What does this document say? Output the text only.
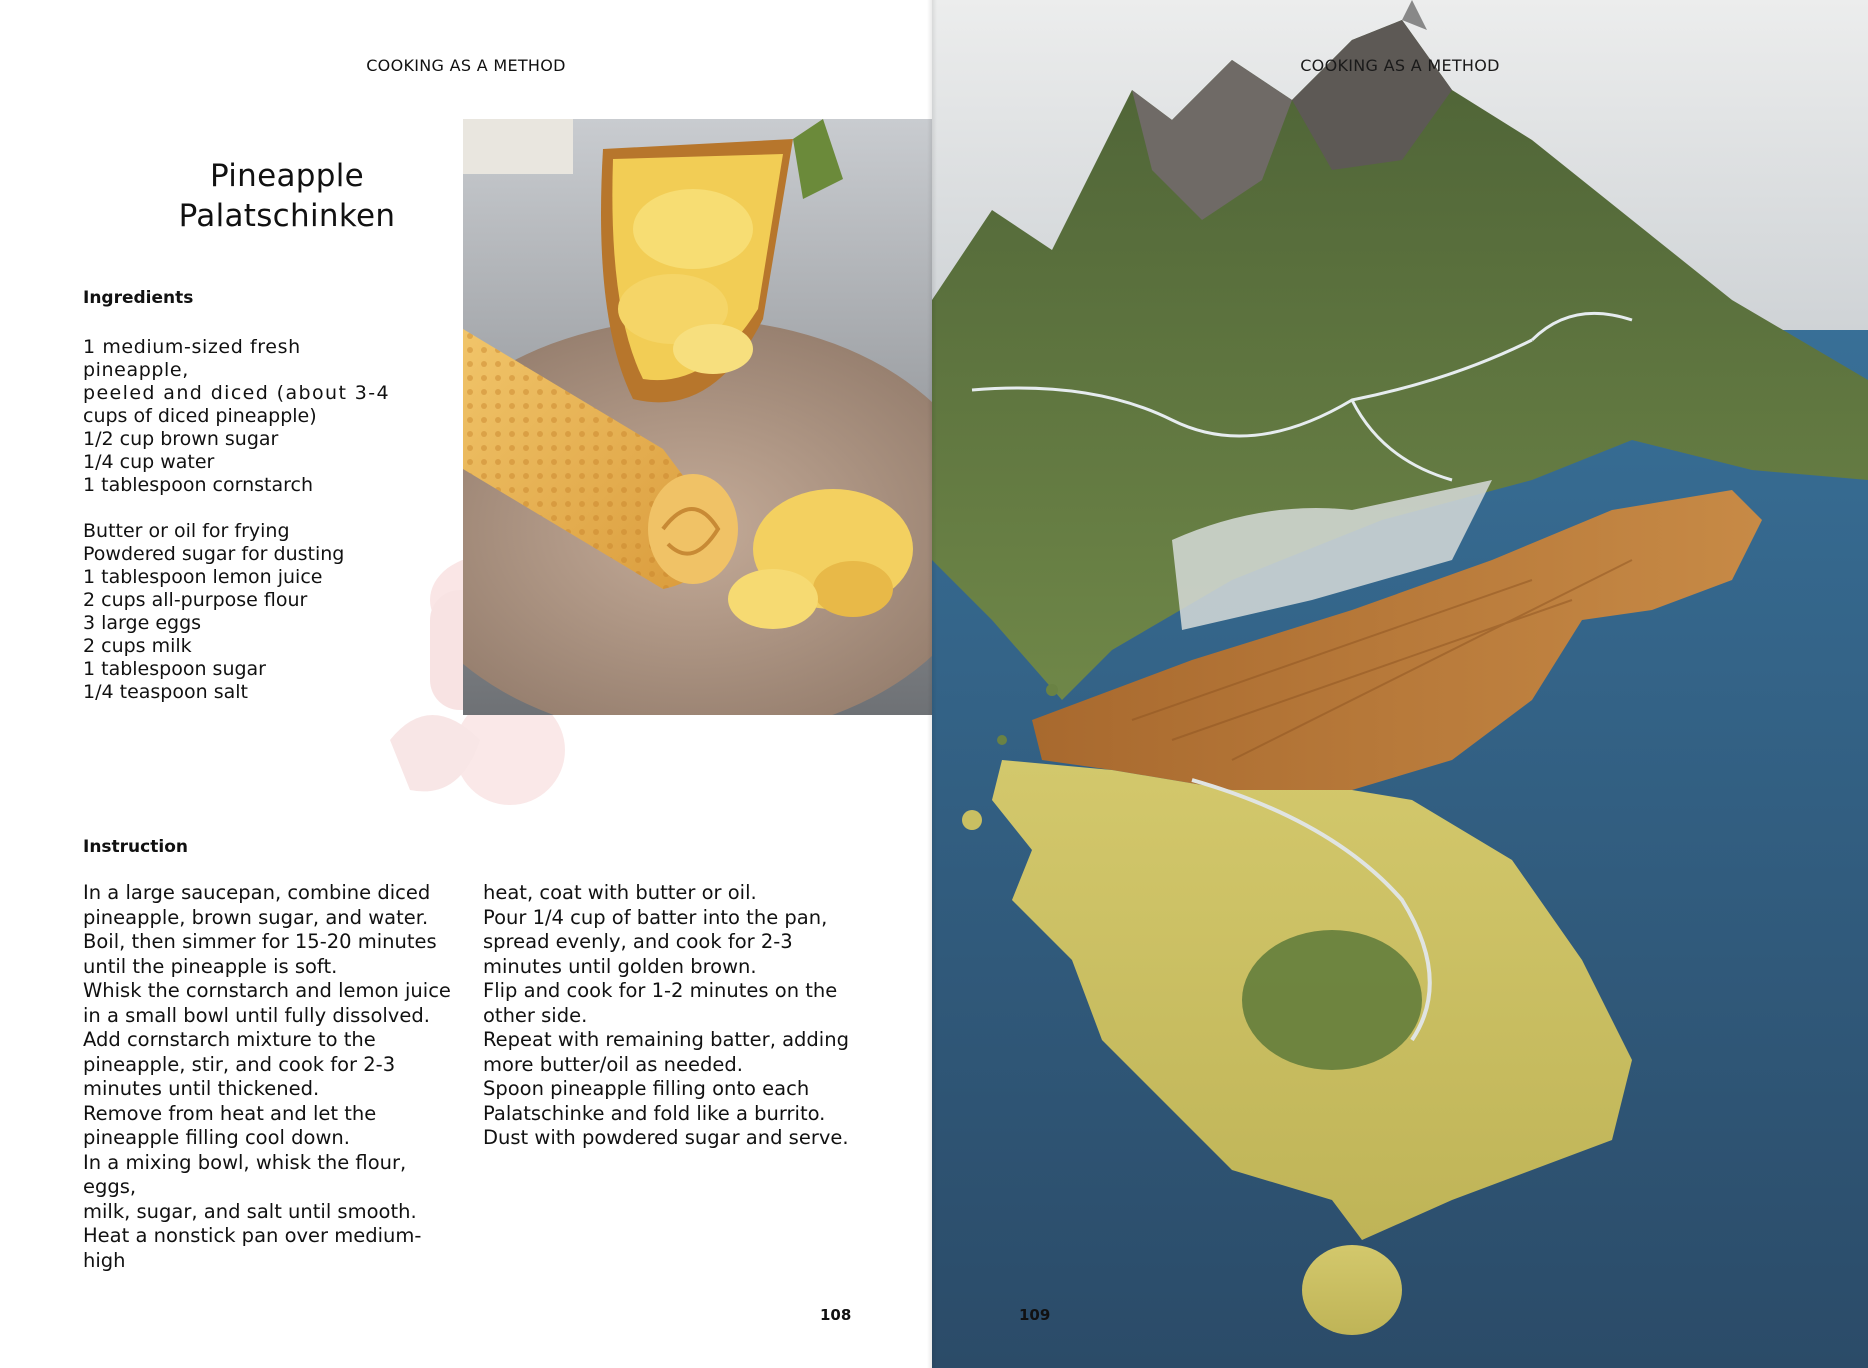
COOKING AS A METHOD
Pineapple
Palatschinken
Ingredients
1 medium-sized fresh pineapple,
peeled and diced (about 3-4
cups of diced pineapple)
1/2 cup brown sugar
1/4 cup water
1 tablespoon cornstarch
Butter or oil for frying
Powdered sugar for dusting
1 tablespoon lemon juice
2 cups all-purpose flour
3 large eggs
2 cups milk
1 tablespoon sugar
1/4 teaspoon salt
Instruction
In a large saucepan, combine diced
pineapple, brown sugar, and water.
Boil, then simmer for 15-20 minutes
until the pineapple is soft.
Whisk the cornstarch and lemon juice
in a small bowl until fully dissolved.
Add cornstarch mixture to the
pineapple, stir, and cook for 2-3
minutes until thickened.
Remove from heat and let the
pineapple filling cool down.
In a mixing bowl, whisk the flour, eggs,
milk, sugar, and salt until smooth.
Heat a nonstick pan over medium-high
heat, coat with butter or oil.
Pour 1/4 cup of batter into the pan,
spread evenly, and cook for 2-3
minutes until golden brown.
Flip and cook for 1-2 minutes on the
other side.
Repeat with remaining batter, adding
more butter/oil as needed.
Spoon pineapple filling onto each
Palatschinke and fold like a burrito.
Dust with powdered sugar and serve.
108
COOKING AS A METHOD
109
